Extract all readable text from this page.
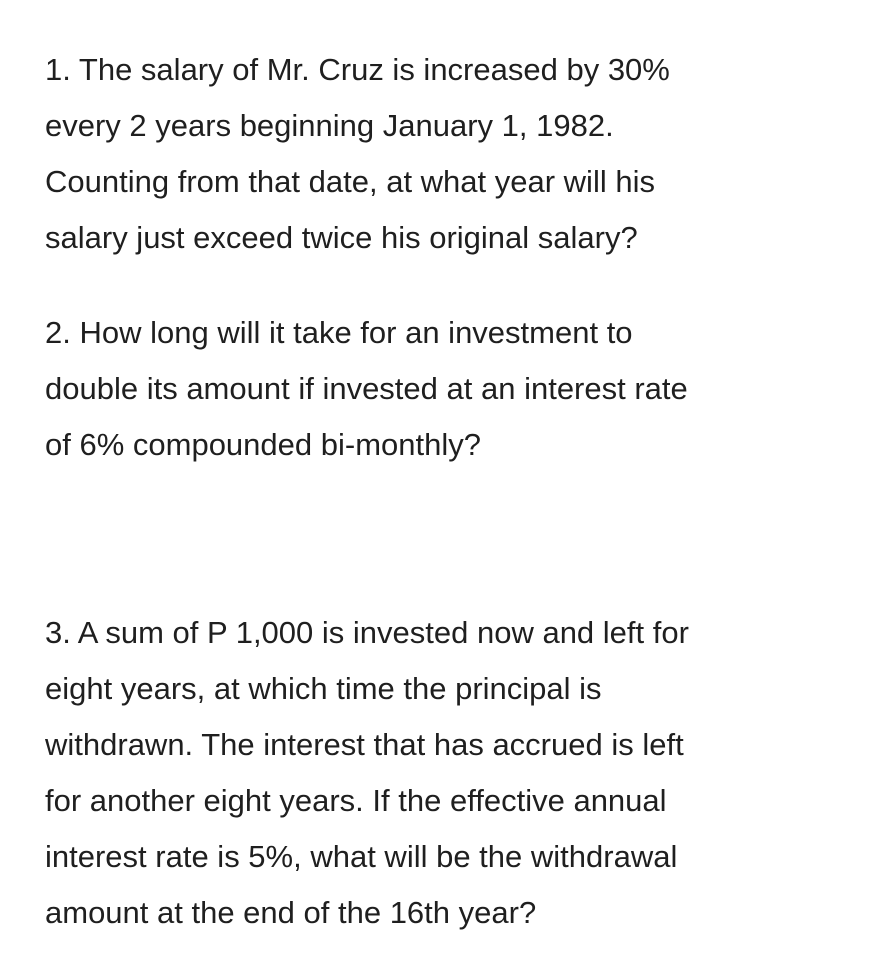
1. The salary of Mr. Cruz is increased by 30%

every 2 years beginning January 1, 1982.

Counting from that date, at what year will his

salary just exceed twice his original salary?

2. How long will it take for an investment to

double its amount if invested at an interest rate

of 6% compounded bi-monthly?

3. A sum of P 1,000 is invested now and left for

eight years, at which time the principal is

withdrawn. The interest that has accrued is left

for another eight years. If the effective annual

interest rate is 5%, what will be the withdrawal

amount at the end of the 16th year?
